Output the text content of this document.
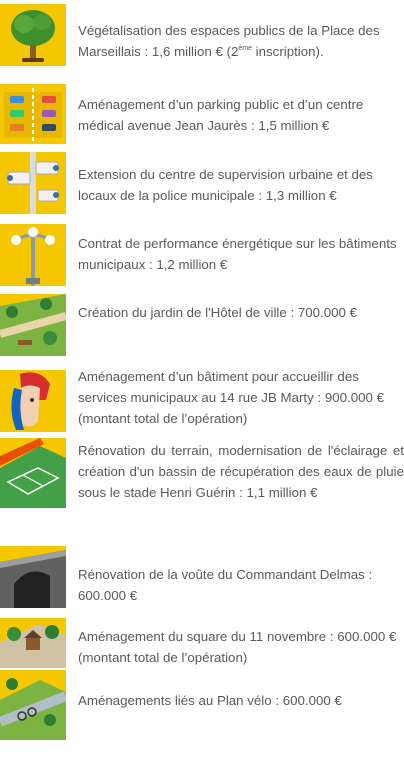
Végétalisation des espaces publics de la Place des Marseillais : 1,6 million € (2ème inscription).
Aménagement d’un parking public et d’un centre médical avenue Jean Jaurès : 1,5 million €
Extension du centre de supervision urbaine et des locaux de la police municipale : 1,3 million €
Contrat de performance énergétique sur les bâtiments municipaux : 1,2 million €
Création du jardin de l'Hôtel de ville : 700.000 €
Aménagement d’un bâtiment pour accueillir des services municipaux au 14 rue JB Marty : 900.000 € (montant total de l’opération)
Rénovation du terrain, modernisation de l'éclairage et création d'un bassin de récupération des eaux de pluie sous le stade Henri Guérin : 1,1 million €
Rénovation de la voûte du Commandant Delmas : 600.000 €
Aménagement du square du 11 novembre : 600.000 € (montant total de l’opération)
Aménagements liés au Plan vélo : 600.000 €
